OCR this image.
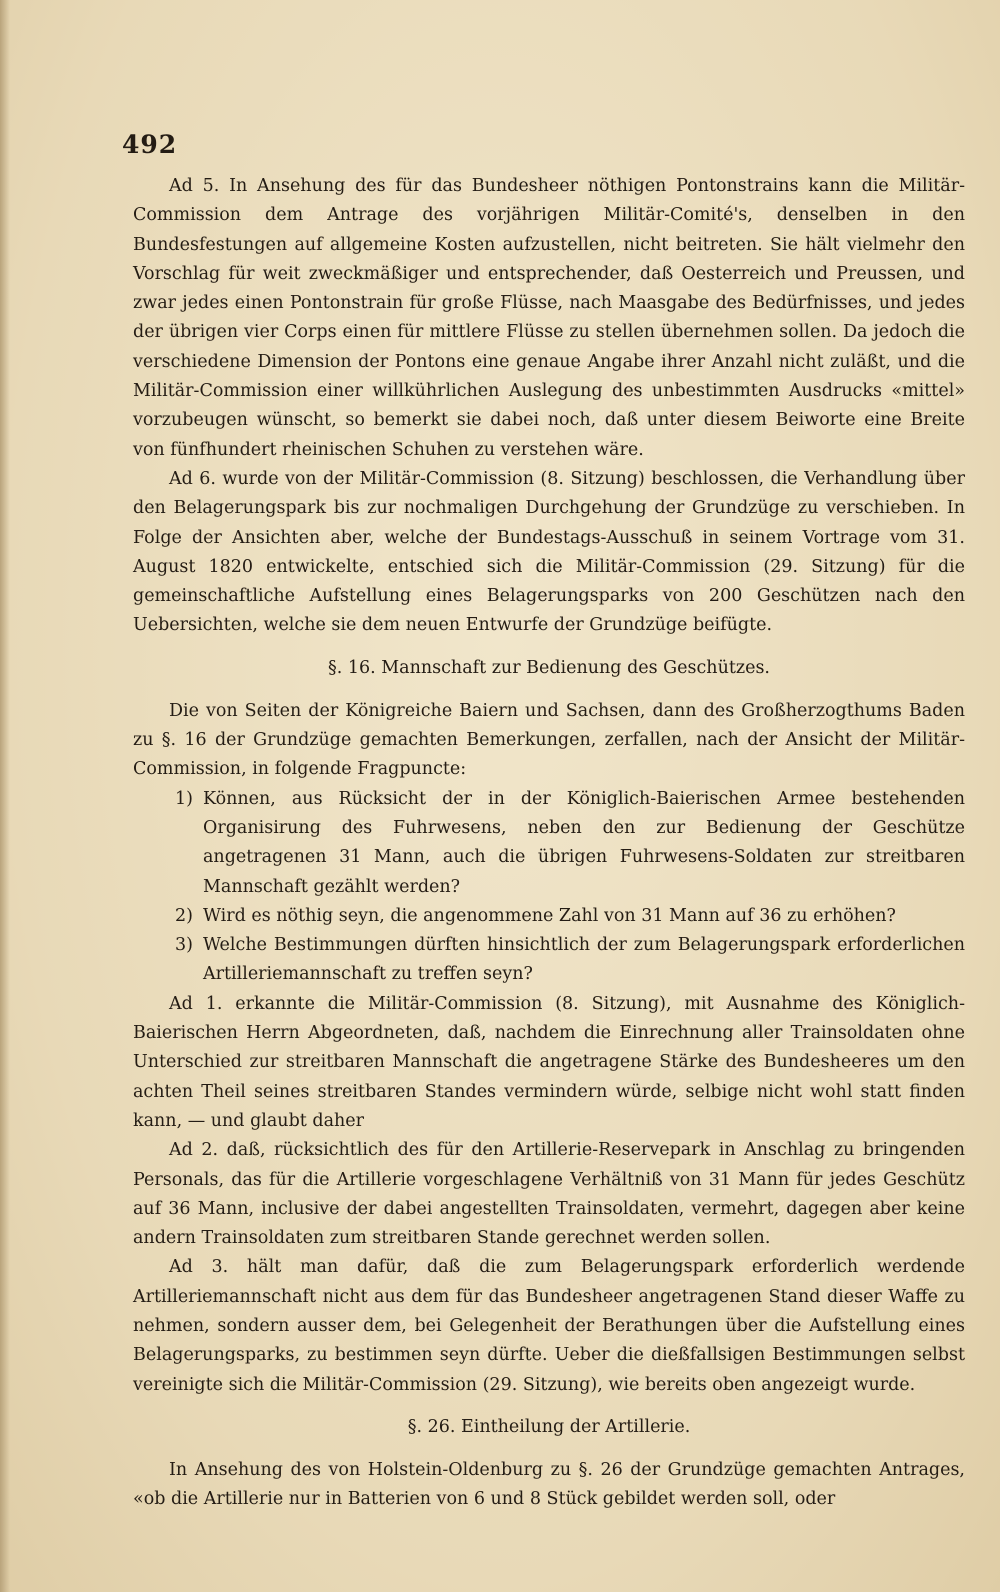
492

Ad 5. In Ansehung des für das Bundesheer nöthigen Pontonstrains kann die Militär-Commission dem Antrage des vorjährigen Militär-Comité's, denselben in den Bundesfestungen auf allgemeine Kosten aufzustellen, nicht beitreten. Sie hält vielmehr den Vorschlag für weit zweckmäßiger und entsprechender, daß Oesterreich und Preussen, und zwar jedes einen Pontonstrain für große Flüsse, nach Maasgabe des Bedürfnisses, und jedes der übrigen vier Corps einen für mittlere Flüsse zu stellen übernehmen sollen. Da jedoch die verschiedene Dimension der Pontons eine genaue Angabe ihrer Anzahl nicht zuläßt, und die Militär-Commission einer willkührlichen Auslegung des unbestimmten Ausdrucks «mittel» vorzubeugen wünscht, so bemerkt sie dabei noch, daß unter diesem Beiworte eine Breite von fünfhundert rheinischen Schuhen zu verstehen wäre.

Ad 6. wurde von der Militär-Commission (8. Sitzung) beschlossen, die Verhandlung über den Belagerungspark bis zur nochmaligen Durchgehung der Grundzüge zu verschieben. In Folge der Ansichten aber, welche der Bundestags-Ausschuß in seinem Vortrage vom 31. August 1820 entwickelte, entschied sich die Militär-Commission (29. Sitzung) für die gemeinschaftliche Aufstellung eines Belagerungsparks von 200 Geschützen nach den Uebersichten, welche sie dem neuen Entwurfe der Grundzüge beifügte.

§. 16. Mannschaft zur Bedienung des Geschützes.

Die von Seiten der Königreiche Baiern und Sachsen, dann des Großherzogthums Baden zu §. 16 der Grundzüge gemachten Bemerkungen, zerfallen, nach der Ansicht der Militär-Commission, in folgende Fragpuncte:

1) Können, aus Rücksicht der in der Königlich-Baierischen Armee bestehenden Organisirung des Fuhrwesens, neben den zur Bedienung der Geschütze angetragenen 31 Mann, auch die übrigen Fuhrwesens-Soldaten zur streitbaren Mannschaft gezählt werden?
2) Wird es nöthig seyn, die angenommene Zahl von 31 Mann auf 36 zu erhöhen?
3) Welche Bestimmungen dürften hinsichtlich der zum Belagerungspark erforderlichen Artilleriemannschaft zu treffen seyn?

Ad 1. erkannte die Militär-Commission (8. Sitzung), mit Ausnahme des Königlich-Baierischen Herrn Abgeordneten, daß, nachdem die Einrechnung aller Trainsoldaten ohne Unterschied zur streitbaren Mannschaft die angetragene Stärke des Bundesheeres um den achten Theil seines streitbaren Standes vermindern würde, selbige nicht wohl statt finden kann, — und glaubt daher

Ad 2. daß, rücksichtlich des für den Artillerie-Reservepark in Anschlag zu bringenden Personals, das für die Artillerie vorgeschlagene Verhältniß von 31 Mann für jedes Geschütz auf 36 Mann, inclusive der dabei angestellten Trainsoldaten, vermehrt, dagegen aber keine andern Trainsoldaten zum streitbaren Stande gerechnet werden sollen.

Ad 3. hält man dafür, daß die zum Belagerungspark erforderlich werdende Artilleriemannschaft nicht aus dem für das Bundesheer angetragenen Stand dieser Waffe zu nehmen, sondern ausser dem, bei Gelegenheit der Berathungen über die Aufstellung eines Belagerungsparks, zu bestimmen seyn dürfte. Ueber die dießfallsigen Bestimmungen selbst vereinigte sich die Militär-Commission (29. Sitzung), wie bereits oben angezeigt wurde.

§. 26. Eintheilung der Artillerie.

In Ansehung des von Holstein-Oldenburg zu §. 26 der Grundzüge gemachten Antrages, «ob die Artillerie nur in Batterien von 6 und 8 Stück gebildet werden soll, oder
